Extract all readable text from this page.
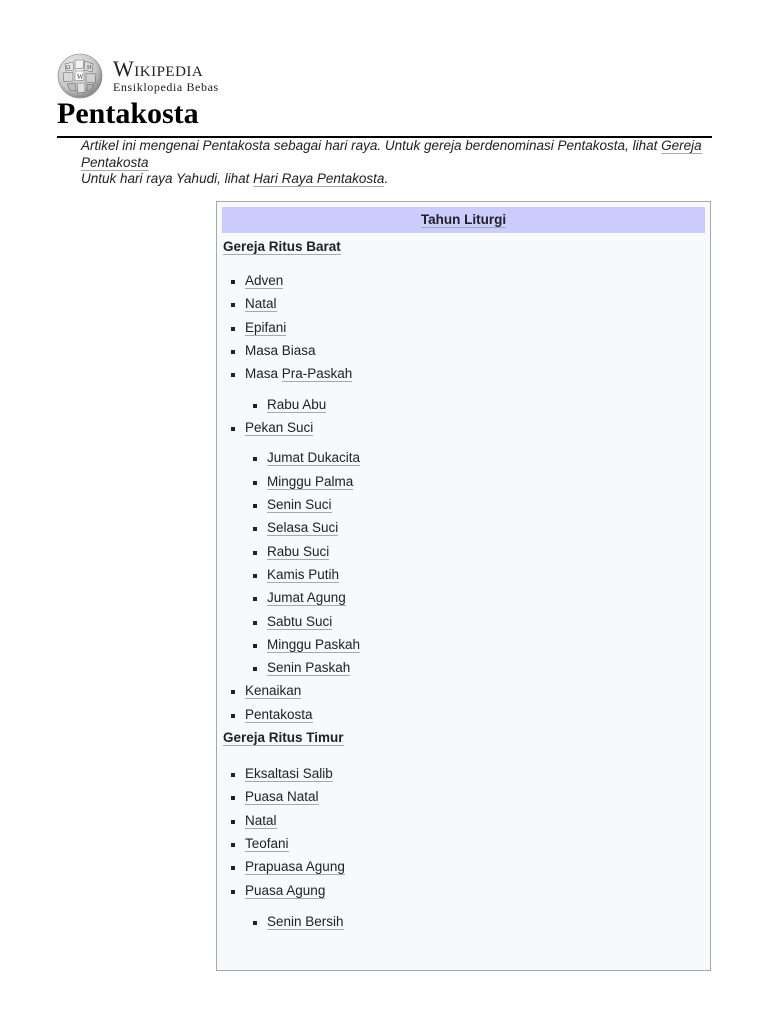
W
Ω	И Wikipedia
Ensiklopedia Bebas
Pentakosta

Artikel ini mengenai Pentakosta sebagai hari raya. Untuk gereja berdenominasi Pentakosta, lihat Gereja Pentakosta

Untuk hari raya Yahudi, lihat Hari Raya Pentakosta.

Tahun Liturgi
Gereja Ritus Barat
Adven
Natal
Epifani
Masa Biasa
Masa Pra-Paskah
Rabu Abu
Pekan Suci
Jumat Dukacita
Minggu Palma
Senin Suci
Selasa Suci
Rabu Suci
Kamis Putih
Jumat Agung
Sabtu Suci
Minggu Paskah
Senin Paskah
Kenaikan
Pentakosta
Gereja Ritus Timur
Eksaltasi Salib
Puasa Natal
Natal
Teofani
Prapuasa Agung
Puasa Agung
Senin Bersih
